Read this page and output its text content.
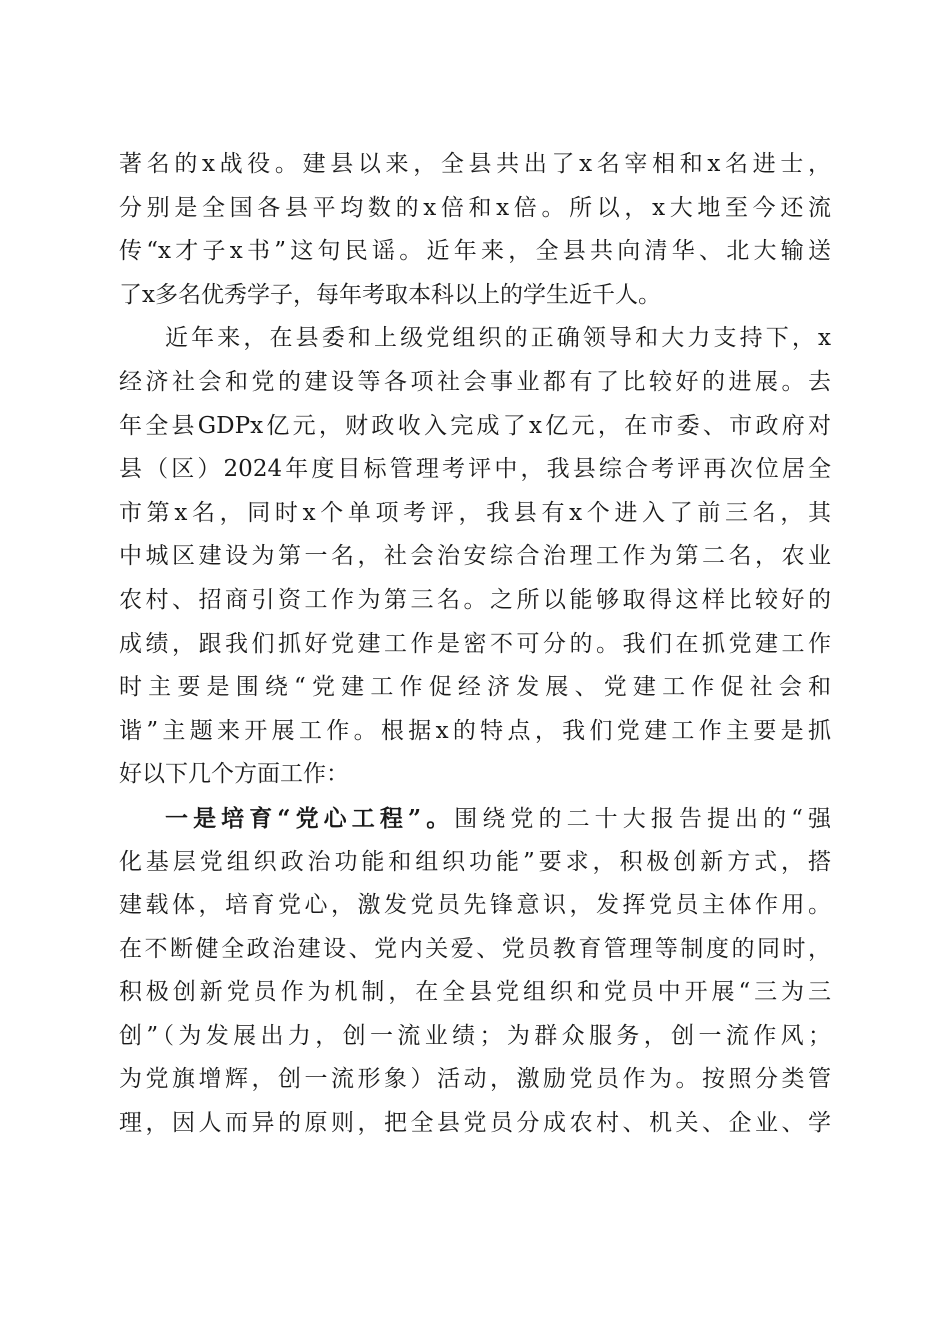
著名的x战役。建县以来，全县共出了x名宰相和x名进士，
分别是全国各县平均数的x倍和x倍。所以，x大地至今还流
传“x才子x书”这句民谣。近年来，全县共向清华、北大输送
了x多名优秀学子，每年考取本科以上的学生近千人。
近年来，在县委和上级党组织的正确领导和大力支持下，x
经济社会和党的建设等各项社会事业都有了比较好的进展。去
年全县GDPx亿元，财政收入完成了x亿元，在市委、市政府对
县（区）2024年度目标管理考评中，我县综合考评再次位居全
市第x名，同时x个单项考评，我县有x个进入了前三名，其
中城区建设为第一名，社会治安综合治理工作为第二名，农业
农村、招商引资工作为第三名。之所以能够取得这样比较好的
成绩，跟我们抓好党建工作是密不可分的。我们在抓党建工作
时主要是围绕“党建工作促经济发展、党建工作促社会和
谐”主题来开展工作。根据x的特点，我们党建工作主要是抓
好以下几个方面工作：
一是培育“党心工程”。围绕党的二十大报告提出的“强
化基层党组织政治功能和组织功能”要求，积极创新方式，搭
建载体，培育党心，激发党员先锋意识，发挥党员主体作用。
在不断健全政治建设、党内关爱、党员教育管理等制度的同时，
积极创新党员作为机制，在全县党组织和党员中开展“三为三
创”（为发展出力，创一流业绩；为群众服务，创一流作风；
为党旗增辉，创一流形象）活动，激励党员作为。按照分类管
理，因人而异的原则，把全县党员分成农村、机关、企业、学
